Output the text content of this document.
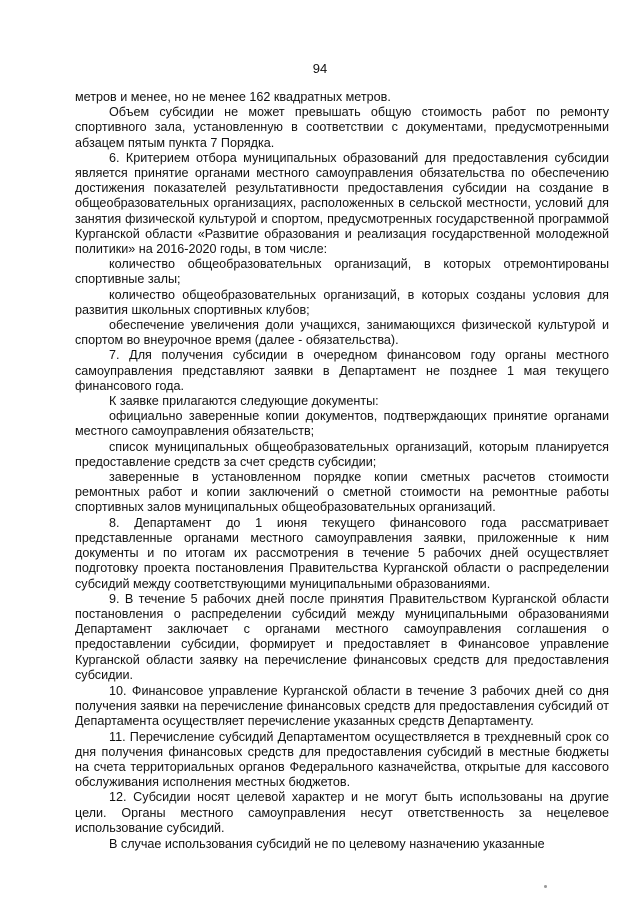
94

метров и менее, но не менее 162 квадратных метров.

Объем субсидии не может превышать общую стоимость работ по ремонту спортивного зала, установленную в соответствии с документами, предусмотренными абзацем пятым пункта 7 Порядка.

6. Критерием отбора муниципальных образований для предоставления субсидии является принятие органами местного самоуправления обязательства по обеспечению достижения показателей результативности предоставления субсидии на создание в общеобразовательных организациях, расположенных в сельской местности, условий для занятия физической культурой и спортом, предусмотренных государственной программой Курганской области «Развитие образования и реализация государственной молодежной политики» на 2016-2020 годы, в том числе:

количество общеобразовательных организаций, в которых отремонтированы спортивные залы;

количество общеобразовательных организаций, в которых созданы условия для развития школьных спортивных клубов;

обеспечение увеличения доли учащихся, занимающихся физической культурой и спортом во внеурочное время (далее - обязательства).

7. Для получения субсидии в очередном финансовом году органы местного самоуправления представляют заявки в Департамент не позднее 1 мая текущего финансового года.

К заявке прилагаются следующие документы:

официально заверенные копии документов, подтверждающих принятие органами местного самоуправления обязательств;

список муниципальных общеобразовательных организаций, которым планируется предоставление средств за счет средств субсидии;

заверенные в установленном порядке копии сметных расчетов стоимости ремонтных работ и копии заключений о сметной стоимости на ремонтные работы спортивных залов муниципальных общеобразовательных организаций.

8. Департамент до 1 июня текущего финансового года рассматривает представленные органами местного самоуправления заявки, приложенные к ним документы и по итогам их рассмотрения в течение 5 рабочих дней осуществляет подготовку проекта постановления Правительства Курганской области о распределении субсидий между соответствующими муниципальными образованиями.

9. В течение 5 рабочих дней после принятия Правительством Курганской области постановления о распределении субсидий между муниципальными образованиями Департамент заключает с органами местного самоуправления соглашения о предоставлении субсидии, формирует и предоставляет в Финансовое управление Курганской области заявку на перечисление финансовых средств для предоставления субсидии.

10. Финансовое управление Курганской области в течение 3 рабочих дней со дня получения заявки на перечисление финансовых средств для предоставления субсидий от Департамента осуществляет перечисление указанных средств Департаменту.

11. Перечисление субсидий Департаментом осуществляется в трехдневный срок со дня получения финансовых средств для предоставления субсидий в местные бюджеты на счета территориальных органов Федерального казначейства, открытые для кассового обслуживания исполнения местных бюджетов.

12. Субсидии носят целевой характер и не могут быть использованы на другие цели. Органы местного самоуправления несут ответственность за нецелевое использование субсидий.

В случае использования субсидий не по целевому назначению указанные
